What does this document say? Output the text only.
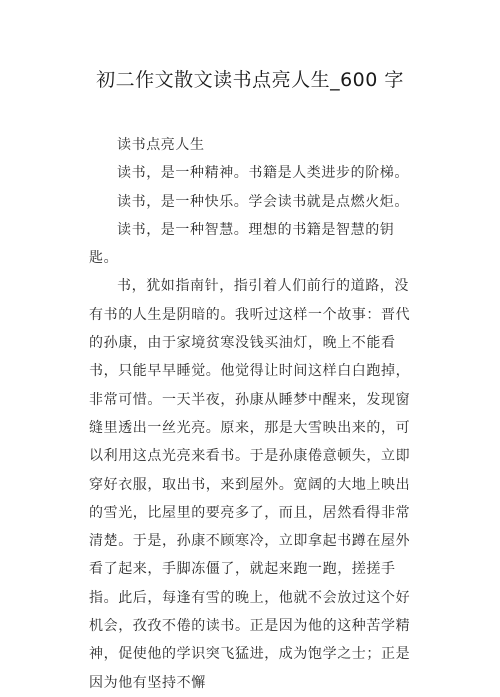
初二作文散文读书点亮人生_600 字

读书点亮人生

读书，是一种精神。书籍是人类进步的阶梯。

读书，是一种快乐。学会读书就是点燃火炬。

读书，是一种智慧。理想的书籍是智慧的钥匙。

书，犹如指南针，指引着人们前行的道路，没有书的人生是阴暗的。我听过这样一个故事：晋代的孙康，由于家境贫寒没钱买油灯，晚上不能看书，只能早早睡觉。他觉得让时间这样白白跑掉，非常可惜。一天半夜，孙康从睡梦中醒来，发现窗缝里透出一丝光亮。原来，那是大雪映出来的，可以利用这点光亮来看书。于是孙康倦意顿失，立即穿好衣服，取出书，来到屋外。宽阔的大地上映出的雪光，比屋里的要亮多了，而且，居然看得非常清楚。于是，孙康不顾寒冷，立即拿起书蹲在屋外看了起来，手脚冻僵了，就起来跑一跑，搓搓手指。此后，每逢有雪的晚上，他就不会放过这个好机会，孜孜不倦的读书。正是因为他的这种苦学精神，促使他的学识突飞猛进，成为饱学之士；正是因为他有坚持不懈
